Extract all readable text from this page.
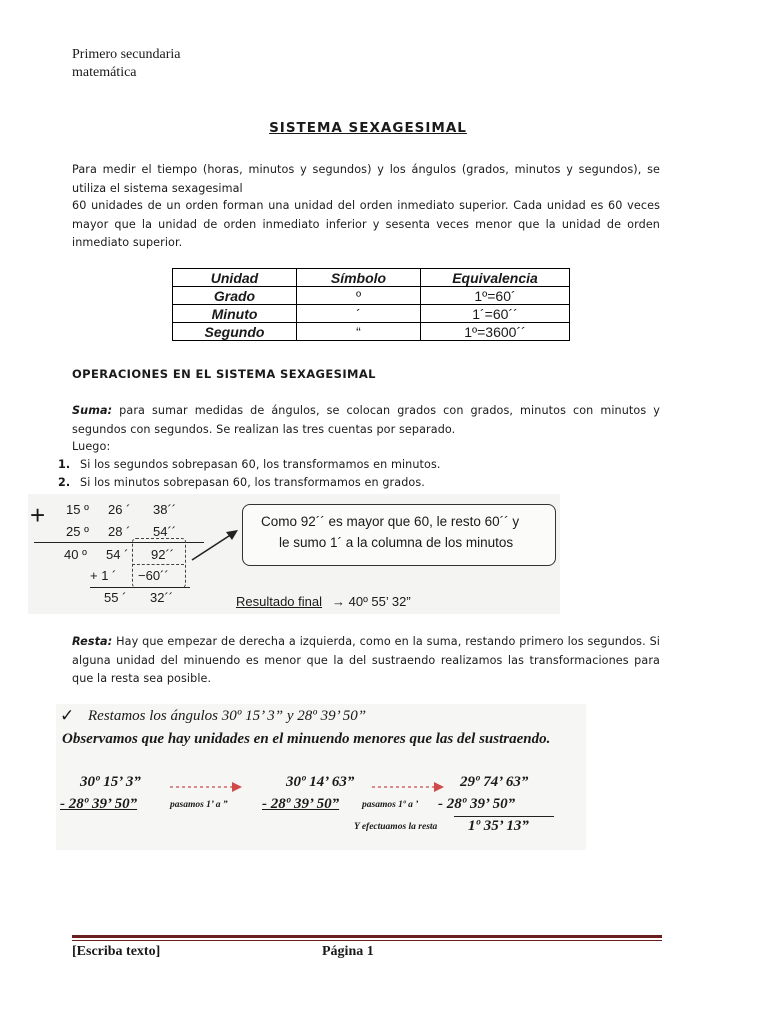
Primero secundaria
matemática
SISTEMA SEXAGESIMAL
Para medir el tiempo (horas, minutos y segundos) y los ángulos (grados, minutos y segundos), se utiliza el sistema sexagesimal
60 unidades de un orden forman una unidad del orden inmediato superior. Cada unidad es 60 veces mayor que la unidad de orden inmediato inferior y sesenta veces menor que la unidad de orden inmediato superior.
Unidad	Símbolo	Equivalencia
Grado	º	1º=60´
Minuto	´	1´=60´´
Segundo	“	1º=3600´´
OPERACIONES EN EL SISTEMA SEXAGESIMAL
Suma: para sumar medidas de ángulos, se colocan grados con grados, minutos con minutos y segundos con segundos. Se realizan las tres cuentas por separado.
Luego:
1. Si los segundos sobrepasan 60, los transformamos en minutos.
2. Si los minutos sobrepasan 60, los transformamos en grados.
+ 15 º 26 ´ 38´´
25 º 28 ´ 54´´
40 º 54 ´ 92´´
+ 1 ´ −60´´
55 ´ 32´´
Como 92´´ es mayor que 60, le resto 60´´ y
le sumo 1´ a la columna de los minutos
Resultado final → 40º 55’ 32”
Resta: Hay que empezar de derecha a izquierda, como en la suma, restando primero los segundos. Si alguna unidad del minuendo es menor que la del sustraendo realizamos las transformaciones para que la resta sea posible.
✓ Restamos los ángulos 30º 15’ 3” y 28º 39’ 50”
Observamos que hay unidades en el minuendo menores que las del sustraendo.
30º 15’ 3”
- 28º 39’ 50”	pasamos 1’ a ”
30º 14’ 63”
- 28º 39’ 50” pasamos 1º a ’
Y efectuamos la resta
29º 74’ 63”
- 28º 39’ 50”
1º 35’ 13”
[Escriba texto]	Página 1
